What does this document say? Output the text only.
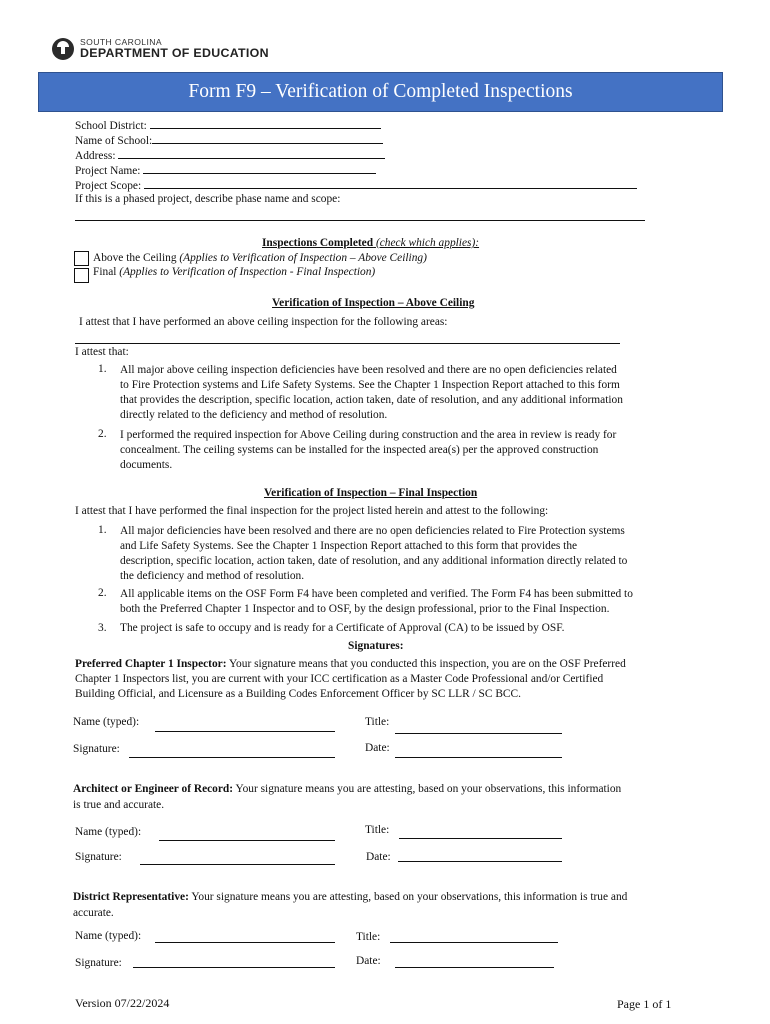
SOUTH CAROLINA
DEPARTMENT OF EDUCATION
Form F9 – Verification of Completed Inspections
School District:
Name of School:
Address:
Project Name:
Project Scope:
If this is a phased project, describe phase name and scope:
Inspections Completed (check which applies):
Above the Ceiling (Applies to Verification of Inspection – Above Ceiling)
Final (Applies to Verification of Inspection - Final Inspection)
Verification of Inspection – Above Ceiling
I attest that I have performed an above ceiling inspection for the following areas:
I attest that:
1. All major above ceiling inspection deficiencies have been resolved and there are no open deficiencies related
to Fire Protection systems and Life Safety Systems. See the Chapter 1 Inspection Report attached to this form
that provides the description, specific location, action taken, date of resolution, and any additional information
directly related to the deficiency and method of resolution.
2. I performed the required inspection for Above Ceiling during construction and the area in review is ready for
concealment. The ceiling systems can be installed for the inspected area(s) per the approved construction
documents.
Verification of Inspection – Final Inspection
I attest that I have performed the final inspection for the project listed herein and attest to the following:
1. All major deficiencies have been resolved and there are no open deficiencies related to Fire Protection systems
and Life Safety Systems. See the Chapter 1 Inspection Report attached to this form that provides the
description, specific location, action taken, date of resolution, and any additional information directly related to
the deficiency and method of resolution.
2. All applicable items on the OSF Form F4 have been completed and verified. The Form F4 has been submitted to
both the Preferred Chapter 1 Inspector and to OSF, by the design professional, prior to the Final Inspection.
3. The project is safe to occupy and is ready for a Certificate of Approval (CA) to be issued by OSF.
Signatures:
Preferred Chapter 1 Inspector: Your signature means that you conducted this inspection, you are on the OSF Preferred
Chapter 1 Inspectors list, you are current with your ICC certification as a Master Code Professional and/or Certified
Building Official, and Licensure as a Building Codes Enforcement Officer by SC LLR / SC BCC.
Name (typed):	Title:
Signature:	Date:
Architect or Engineer of Record: Your signature means you are attesting, based on your observations, this information
is true and accurate.
Name (typed):	Title:
Signature:	Date:
District Representative: Your signature means you are attesting, based on your observations, this information is true and
accurate.
Name (typed):	Title:
Signature:	Date:
Version 07/22/2024	Page 1 of 1
